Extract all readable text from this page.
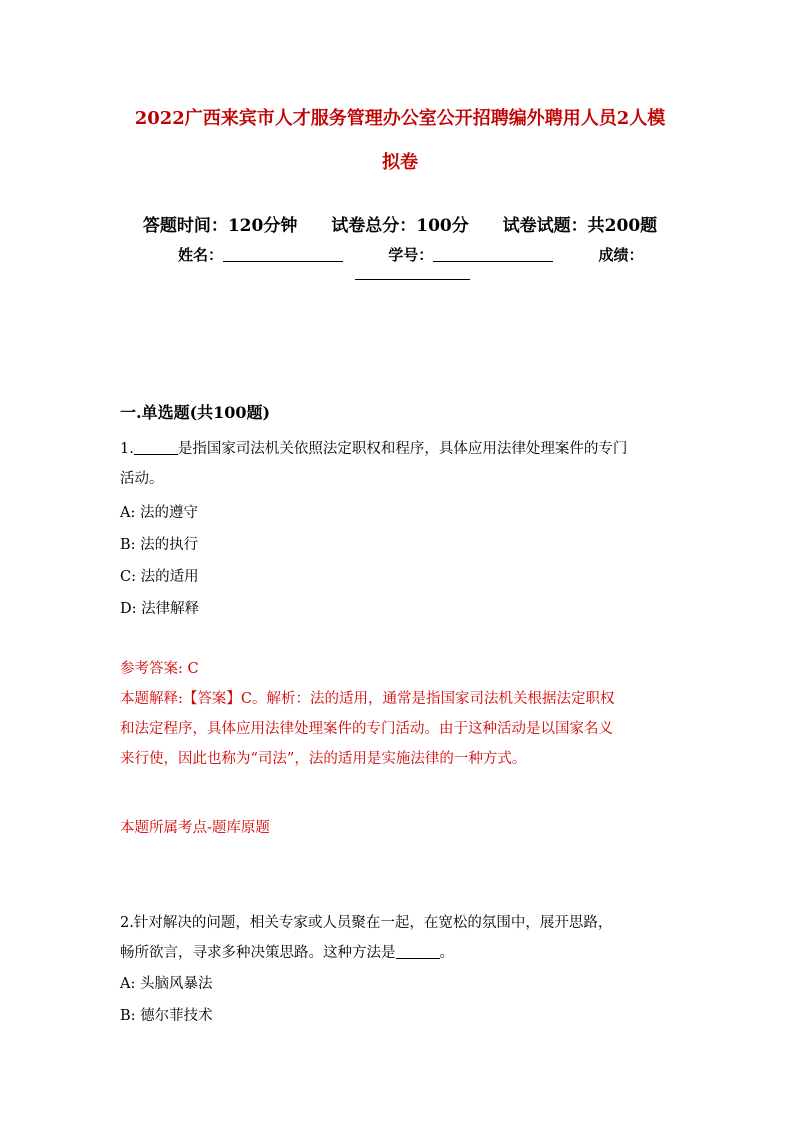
2022广西来宾市人才服务管理办公室公开招聘编外聘用人员2人模
拟卷
答题时间：120分钟 试卷总分：100分 试卷试题：共200题
姓名：	学号：	成绩：
一.单选题(共100题)
1.	是指国家司法机关依照法定职权和程序，具体应用法律处理案件的专门
活动。
A: 法的遵守
B: 法的执行
C: 法的适用
D: 法律解释
参考答案: C
本题解释:【答案】C。解析：法的适用，通常是指国家司法机关根据法定职权
和法定程序，具体应用法律处理案件的专门活动。由于这种活动是以国家名义
来行使，因此也称为“司法”，法的适用是实施法律的一种方式。
本题所属考点-题库原题
2.针对解决的问题，相关专家或人员聚在一起，在宽松的氛围中，展开思路，
畅所欲言，寻求多种决策思路。这种方法是	。
A: 头脑风暴法
B: 德尔菲技术
